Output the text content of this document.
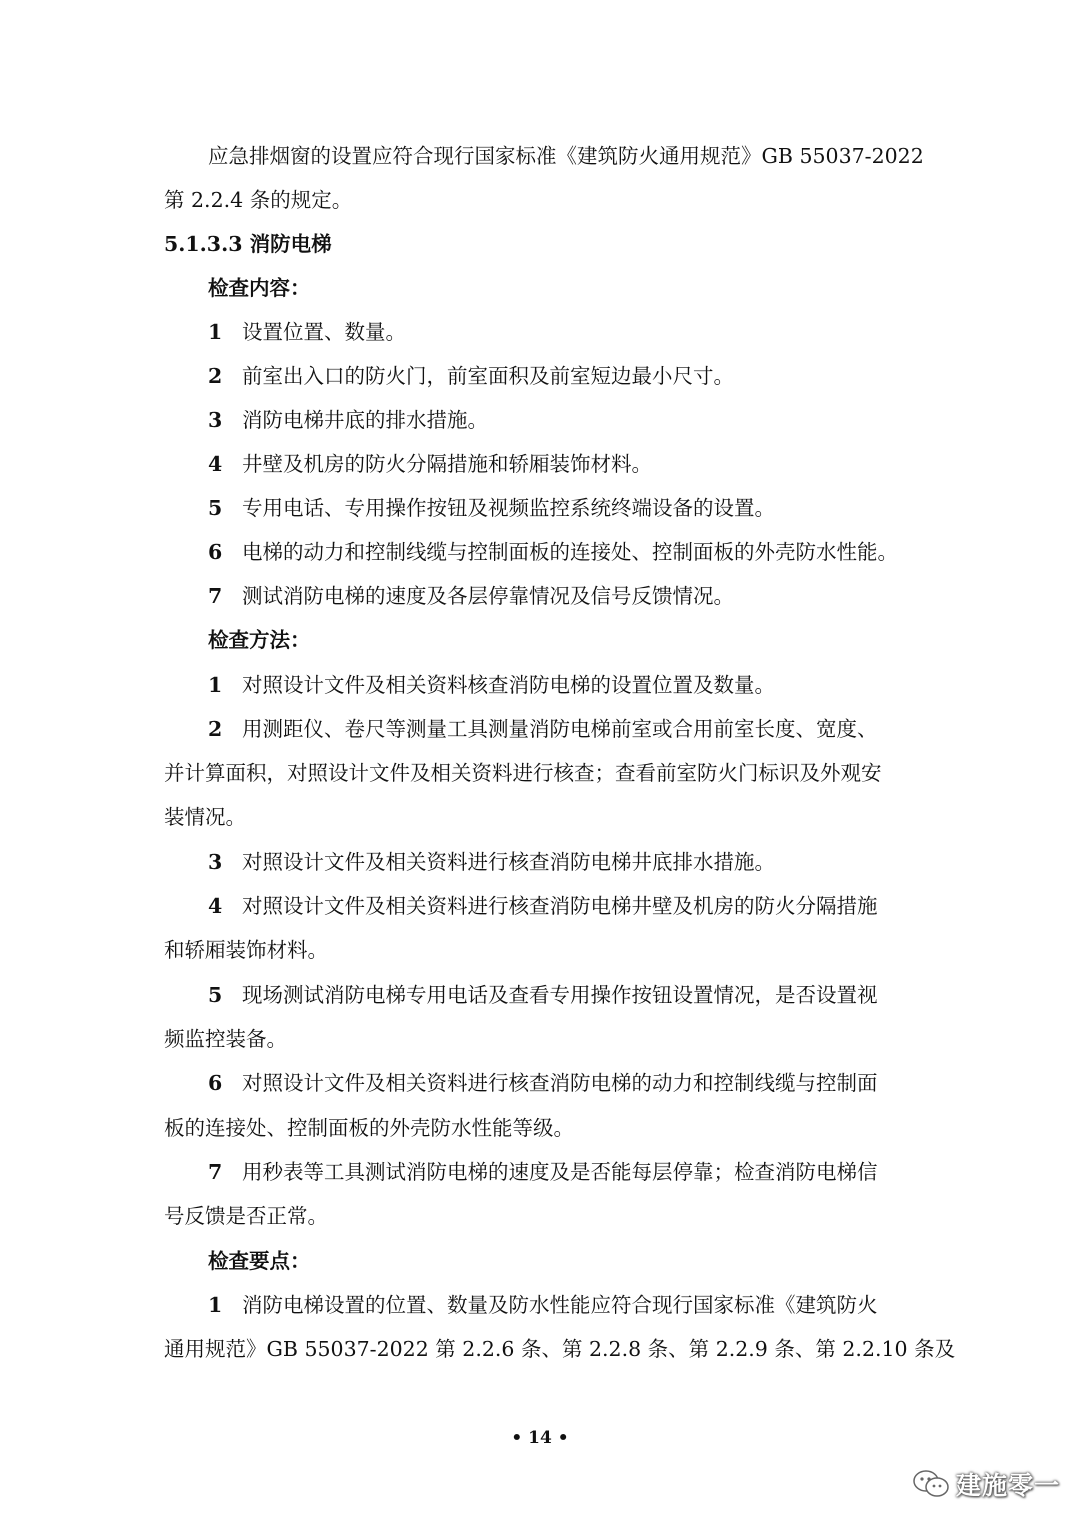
应急排烟窗的设置应符合现行国家标准《建筑防火通用规范》GB 55037-2022
第 2.2.4 条的规定。
5.1.3.3 消防电梯
检查内容：
1 设置位置、数量。
2 前室出入口的防火门，前室面积及前室短边最小尺寸。
3 消防电梯井底的排水措施。
4 井壁及机房的防火分隔措施和轿厢装饰材料。
5 专用电话、专用操作按钮及视频监控系统终端设备的设置。
6 电梯的动力和控制线缆与控制面板的连接处、控制面板的外壳防水性能。
7 测试消防电梯的速度及各层停靠情况及信号反馈情况。
检查方法：
1 对照设计文件及相关资料核查消防电梯的设置位置及数量。
2 用测距仪、卷尺等测量工具测量消防电梯前室或合用前室长度、宽度、
并计算面积，对照设计文件及相关资料进行核查；查看前室防火门标识及外观安
装情况。
3 对照设计文件及相关资料进行核查消防电梯井底排水措施。
4 对照设计文件及相关资料进行核查消防电梯井壁及机房的防火分隔措施
和轿厢装饰材料。
5 现场测试消防电梯专用电话及查看专用操作按钮设置情况，是否设置视
频监控装备。
6 对照设计文件及相关资料进行核查消防电梯的动力和控制线缆与控制面
板的连接处、控制面板的外壳防水性能等级。
7 用秒表等工具测试消防电梯的速度及是否能每层停靠；检查消防电梯信
号反馈是否正常。
检查要点：
1 消防电梯设置的位置、数量及防水性能应符合现行国家标准《建筑防火
通用规范》GB 55037-2022 第 2.2.6 条、第 2.2.8 条、第 2.2.9 条、第 2.2.10 条及
• 14 •
建施零一
